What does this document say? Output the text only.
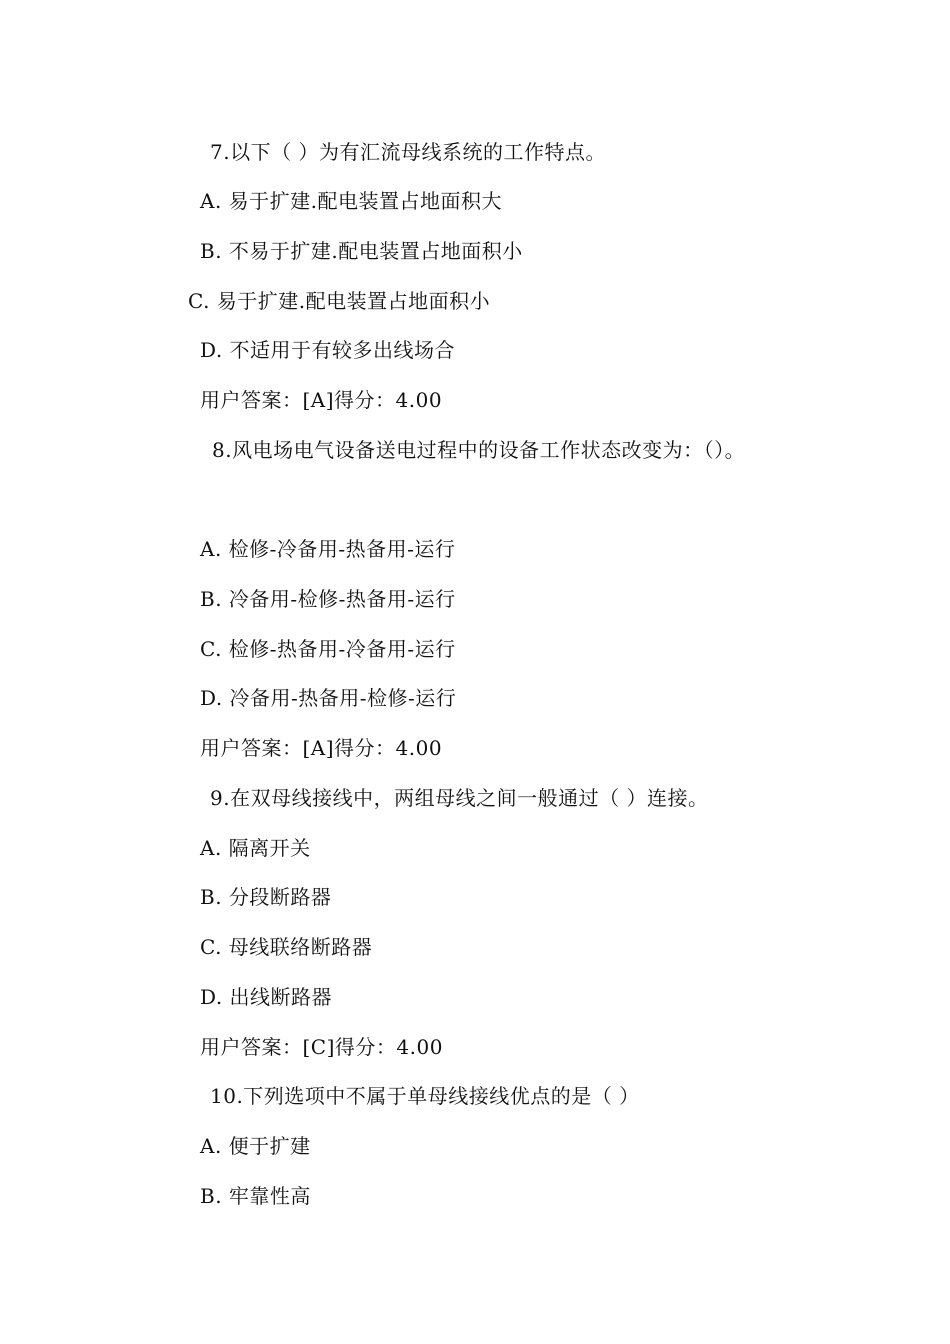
7.以下（ ）为有汇流母线系统的工作特点。
A. 易于扩建.配电装置占地面积大
B. 不易于扩建.配电装置占地面积小
C. 易于扩建.配电装置占地面积小
D. 不适用于有较多出线场合
用户答案：[A]得分：4.00
8.风电场电气设备送电过程中的设备工作状态改变为：（）。
A. 检修-冷备用-热备用-运行
B. 冷备用-检修-热备用-运行
C. 检修-热备用-冷备用-运行
D. 冷备用-热备用-检修-运行
用户答案：[A]得分：4.00
9.在双母线接线中，两组母线之间一般通过（ ）连接。
A. 隔离开关
B. 分段断路器
C. 母线联络断路器
D. 出线断路器
用户答案：[C]得分：4.00
10.下列选项中不属于单母线接线优点的是（ ）
A. 便于扩建
B. 牢靠性高
